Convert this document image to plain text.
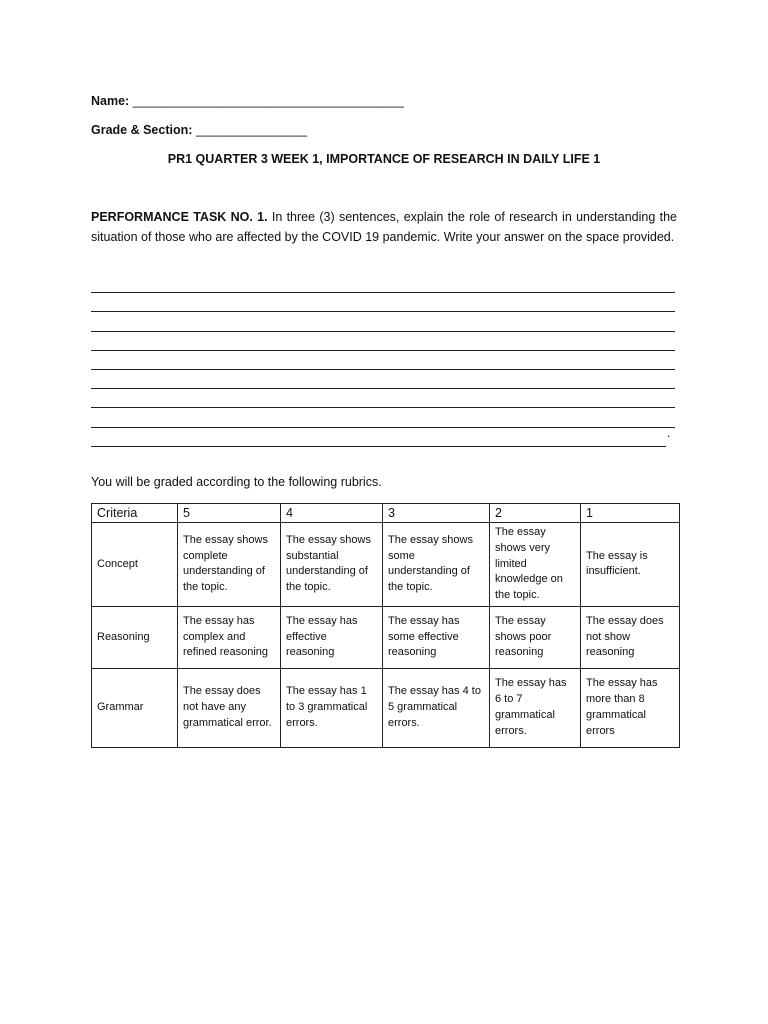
Name: _______________________________________
Grade & Section: ________________
PR1 QUARTER 3 WEEK 1, IMPORTANCE OF RESEARCH IN DAILY LIFE 1
PERFORMANCE TASK NO. 1. In three (3) sentences, explain the role of research in understanding the situation of those who are affected by the COVID 19 pandemic. Write your answer on the space provided.
.
You will be graded according to the following rubrics.
Criteria	5	4	3	2	1
Concept	The essay shows complete understanding of the topic.	The essay shows substantial understanding of the topic.	The essay shows some understanding of the topic.	The essay shows very limited knowledge on the topic.	The essay is insufficient.
Reasoning	The essay has complex and refined reasoning	The essay has effective reasoning	The essay has some effective reasoning	The essay shows poor reasoning	The essay does not show reasoning
Grammar	The essay does not have any grammatical error.	The essay has 1 to 3 grammatical errors.	The essay has 4 to 5 grammatical errors.	The essay has 6 to 7 grammatical errors.	The essay has more than 8 grammatical errors
